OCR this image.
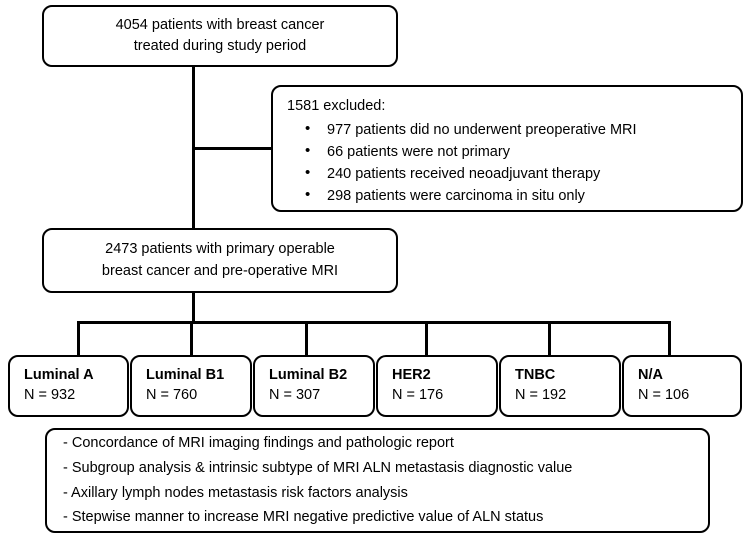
4054 patients with breast cancer
treated during study period
1581 excluded:
• 977 patients did no underwent preoperative MRI
• 66 patients were not primary
• 240 patients received neoadjuvant therapy
• 298 patients were carcinoma in situ only
2473 patients with primary operable
breast cancer and pre-operative MRI
Luminal A
N = 932
Luminal B1
N = 760
Luminal B2
N = 307
HER2
N = 176
TNBC
N = 192
N/A
N = 106
- Concordance of MRI imaging findings and pathologic report
- Subgroup analysis & intrinsic subtype of MRI ALN metastasis diagnostic value
- Axillary lymph nodes metastasis risk factors analysis
- Stepwise manner to increase MRI negative predictive value of ALN status
